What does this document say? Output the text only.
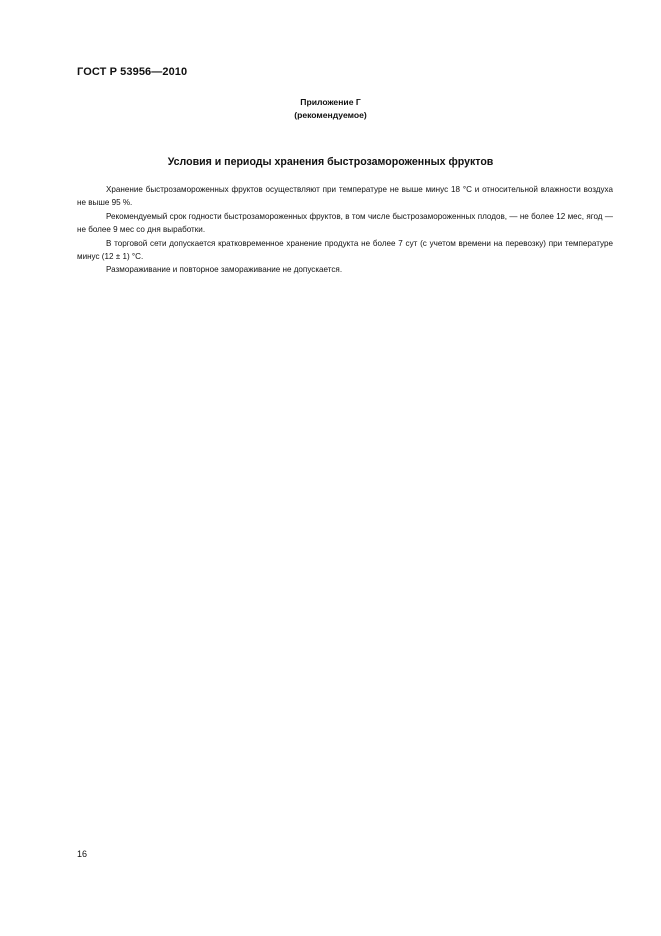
ГОСТ Р 53956—2010
Приложение Г
(рекомендуемое)
Условия и периоды хранения быстрозамороженных фруктов

Хранение быстрозамороженных фруктов осуществляют при температуре не выше минус 18 °С и относительной влажности воздуха не выше 95 %.

Рекомендуемый срок годности быстрозамороженных фруктов, в том числе быстрозамороженных плодов, — не более 12 мес, ягод — не более 9 мес со дня выработки.

В торговой сети допускается кратковременное хранение продукта не более 7 сут (с учетом времени на перевозку) при температуре минус (12 ± 1) °С.

Размораживание и повторное замораживание не допускается.

16
